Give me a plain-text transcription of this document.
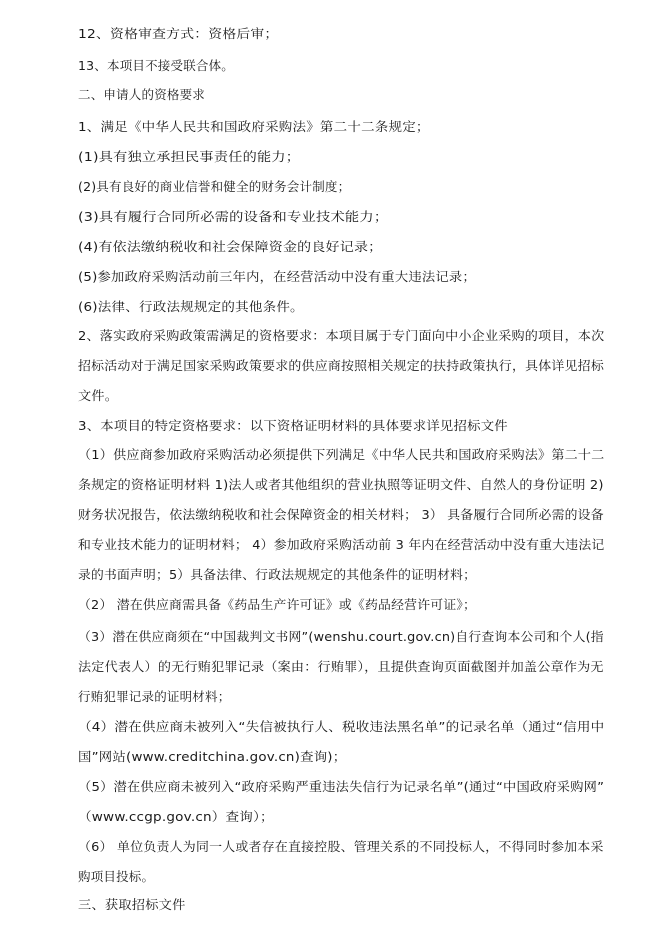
12、资格审查方式：资格后审；
13、本项目不接受联合体。
二、申请人的资格要求
1、满足《中华人民共和国政府采购法》第二十二条规定；
(1)具有独立承担民事责任的能力；
(2)具有良好的商业信誉和健全的财务会计制度；
(3)具有履行合同所必需的设备和专业技术能力；
(4)有依法缴纳税收和社会保障资金的良好记录；
(5)参加政府采购活动前三年内，在经营活动中没有重大违法记录；
(6)法律、行政法规规定的其他条件。
2、落实政府采购政策需满足的资格要求：本项目属于专门面向中小企业采购的项目，本次
招标活动对于满足国家采购政策要求的供应商按照相关规定的扶持政策执行，具体详见招标
文件。
3、本项目的特定资格要求：以下资格证明材料的具体要求详见招标文件
（1）供应商参加政府采购活动必须提供下列满足《中华人民共和国政府采购法》第二十二
条规定的资格证明材料 1)法人或者其他组织的营业执照等证明文件、自然人的身份证明 2)
财务状况报告，依法缴纳税收和社会保障资金的相关材料； 3） 具备履行合同所必需的设备
和专业技术能力的证明材料； 4）参加政府采购活动前 3 年内在经营活动中没有重大违法记
录的书面声明；5）具备法律、行政法规规定的其他条件的证明材料；
（2） 潜在供应商需具备《药品生产许可证》或《药品经营许可证》；
（3）潜在供应商须在“中国裁判文书网”(wenshu.court.gov.cn)自行查询本公司和个人(指
法定代表人）的无行贿犯罪记录（案由：行贿罪），且提供查询页面截图并加盖公章作为无
行贿犯罪记录的证明材料；
（4）潜在供应商未被列入“失信被执行人、税收违法黑名单”的记录名单（通过“信用中
国”网站(www.creditchina.gov.cn)查询)；
（5）潜在供应商未被列入“政府采购严重违法失信行为记录名单”(通过“中国政府采购网”
（www.ccgp.gov.cn）查询）；
（6） 单位负责人为同一人或者存在直接控股、管理关系的不同投标人，不得同时参加本采
购项目投标。
三、获取招标文件
